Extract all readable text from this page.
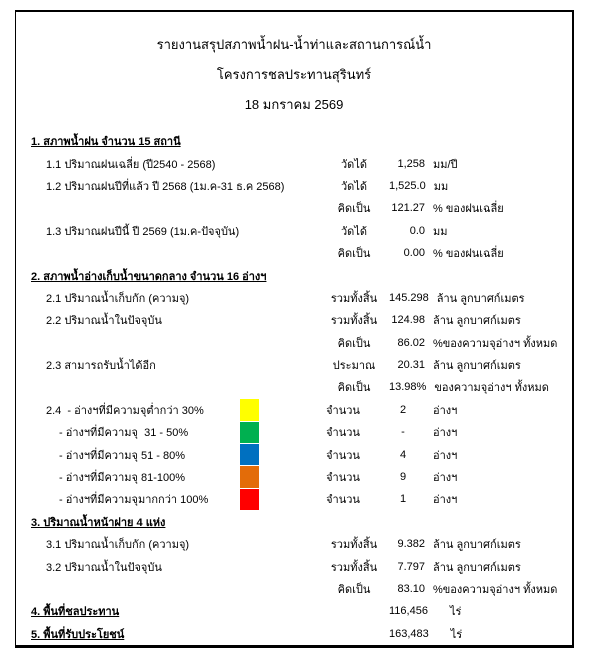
รายงานสรุปสภาพน้ำฝน-น้ำท่าและสถานการณ์น้ำ
โครงการชลประทานสุรินทร์
18 มกราคม 2569
1. สภาพน้ำฝน จำนวน 15 สถานี
1.1 ปริมาณฝนเฉลี่ย (ปี2540 - 2568)	วัดได้	1,258 มม/ปี
1.2 ปริมาณฝนปีที่แล้ว ปี 2568 (1ม.ค-31 ธ.ค 2568)	วัดได้	1,525.0 มม
คิดเป็น	121.27 % ของฝนเฉลี่ย
1.3 ปริมาณฝนปีนี้ ปี 2569 (1ม.ค-ปัจจุบัน)	วัดได้	0.0 มม
คิดเป็น	0.00 % ของฝนเฉลี่ย
2. สภาพน้ำอ่างเก็บน้ำขนาดกลาง จำนวน 16 อ่างฯ
2.1 ปริมาณน้ำเก็บกัก (ความจุ)	รวมทั้งสิ้น	145.298 ล้าน ลูกบาศก์เมตร
2.2 ปริมาณน้ำในปัจจุบัน	รวมทั้งสิ้น	124.98 ล้าน ลูกบาศก์เมตร
คิดเป็น	86.02 %ของความจุอ่างฯ ทั้งหมด
2.3 สามารถรับน้ำได้อีก	ประมาณ	20.31 ล้าน ลูกบาศก์เมตร
คิดเป็น	13.98% ของความจุอ่างฯ ทั้งหมด
2.4  - อ่างฯที่มีความจุต่ำกว่า 30%	จำนวน	2	อ่างฯ
- อ่างฯที่มีความจุ  31 - 50%	จำนวน	-	อ่างฯ
- อ่างฯที่มีความจุ 51 - 80%	จำนวน	4	อ่างฯ
- อ่างฯที่มีความจุ 81-100%	จำนวน	9	อ่างฯ
- อ่างฯที่มีความจุมากกว่า 100%	จำนวน	1	อ่างฯ
3. ปริมาณน้ำหน้าฝาย 4 แห่ง
3.1 ปริมาณน้ำเก็บกัก (ความจุ)	รวมทั้งสิ้น	9.382 ล้าน ลูกบาศก์เมตร
3.2 ปริมาณน้ำในปัจจุบัน	รวมทั้งสิ้น	7.797 ล้าน ลูกบาศก์เมตร
คิดเป็น	83.10 %ของความจุอ่างฯ ทั้งหมด
4. พื้นที่ชลประทาน	116,456	ไร่
5. พื้นที่รับประโยชน์	163,483	ไร่
